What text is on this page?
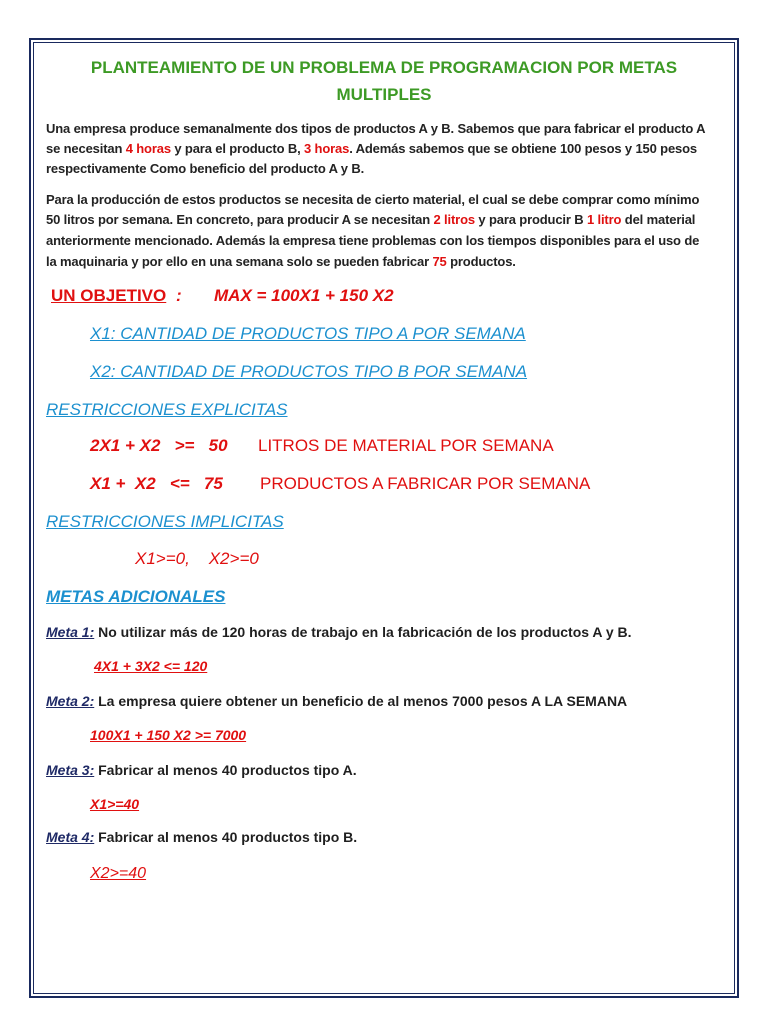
PLANTEAMIENTO DE UN PROBLEMA DE PROGRAMACION POR METAS
MULTIPLES
Una empresa produce semanalmente dos tipos de productos A y B. Sabemos que para fabricar el producto A
se necesitan 4 horas y para el producto B, 3 horas. Además sabemos que se obtiene 100 pesos y 150 pesos
respectivamente Como beneficio del producto A y B.
Para la producción de estos productos se necesita de cierto material, el cual se debe comprar como mínimo
50 litros por semana. En concreto, para producir A se necesitan 2 litros y para producir B 1 litro del material
anteriormente mencionado. Además la empresa tiene problemas con los tiempos disponibles para el uso de
la maquinaria y por ello en una semana solo se pueden fabricar 75 productos.
UN OBJETIVO : MAX = 100X1 + 150 X2
X1: CANTIDAD DE PRODUCTOS TIPO A POR SEMANA
X2: CANTIDAD DE PRODUCTOS TIPO B POR SEMANA
RESTRICCIONES EXPLICITAS
2X1 + X2   >=   50 LITROS DE MATERIAL POR SEMANA
X1 +  X2   <=   75 PRODUCTOS A FABRICAR POR SEMANA
RESTRICCIONES IMPLICITAS
X1>=0,    X2>=0
METAS ADICIONALES
Meta 1: No utilizar más de 120 horas de trabajo en la fabricación de los productos A y B.
4X1 + 3X2 <= 120
Meta 2: La empresa quiere obtener un beneficio de al menos 7000 pesos A LA SEMANA
100X1 + 150 X2 >= 7000
Meta 3: Fabricar al menos 40 productos tipo A.
X1>=40
Meta 4: Fabricar al menos 40 productos tipo B.
X2>=40
